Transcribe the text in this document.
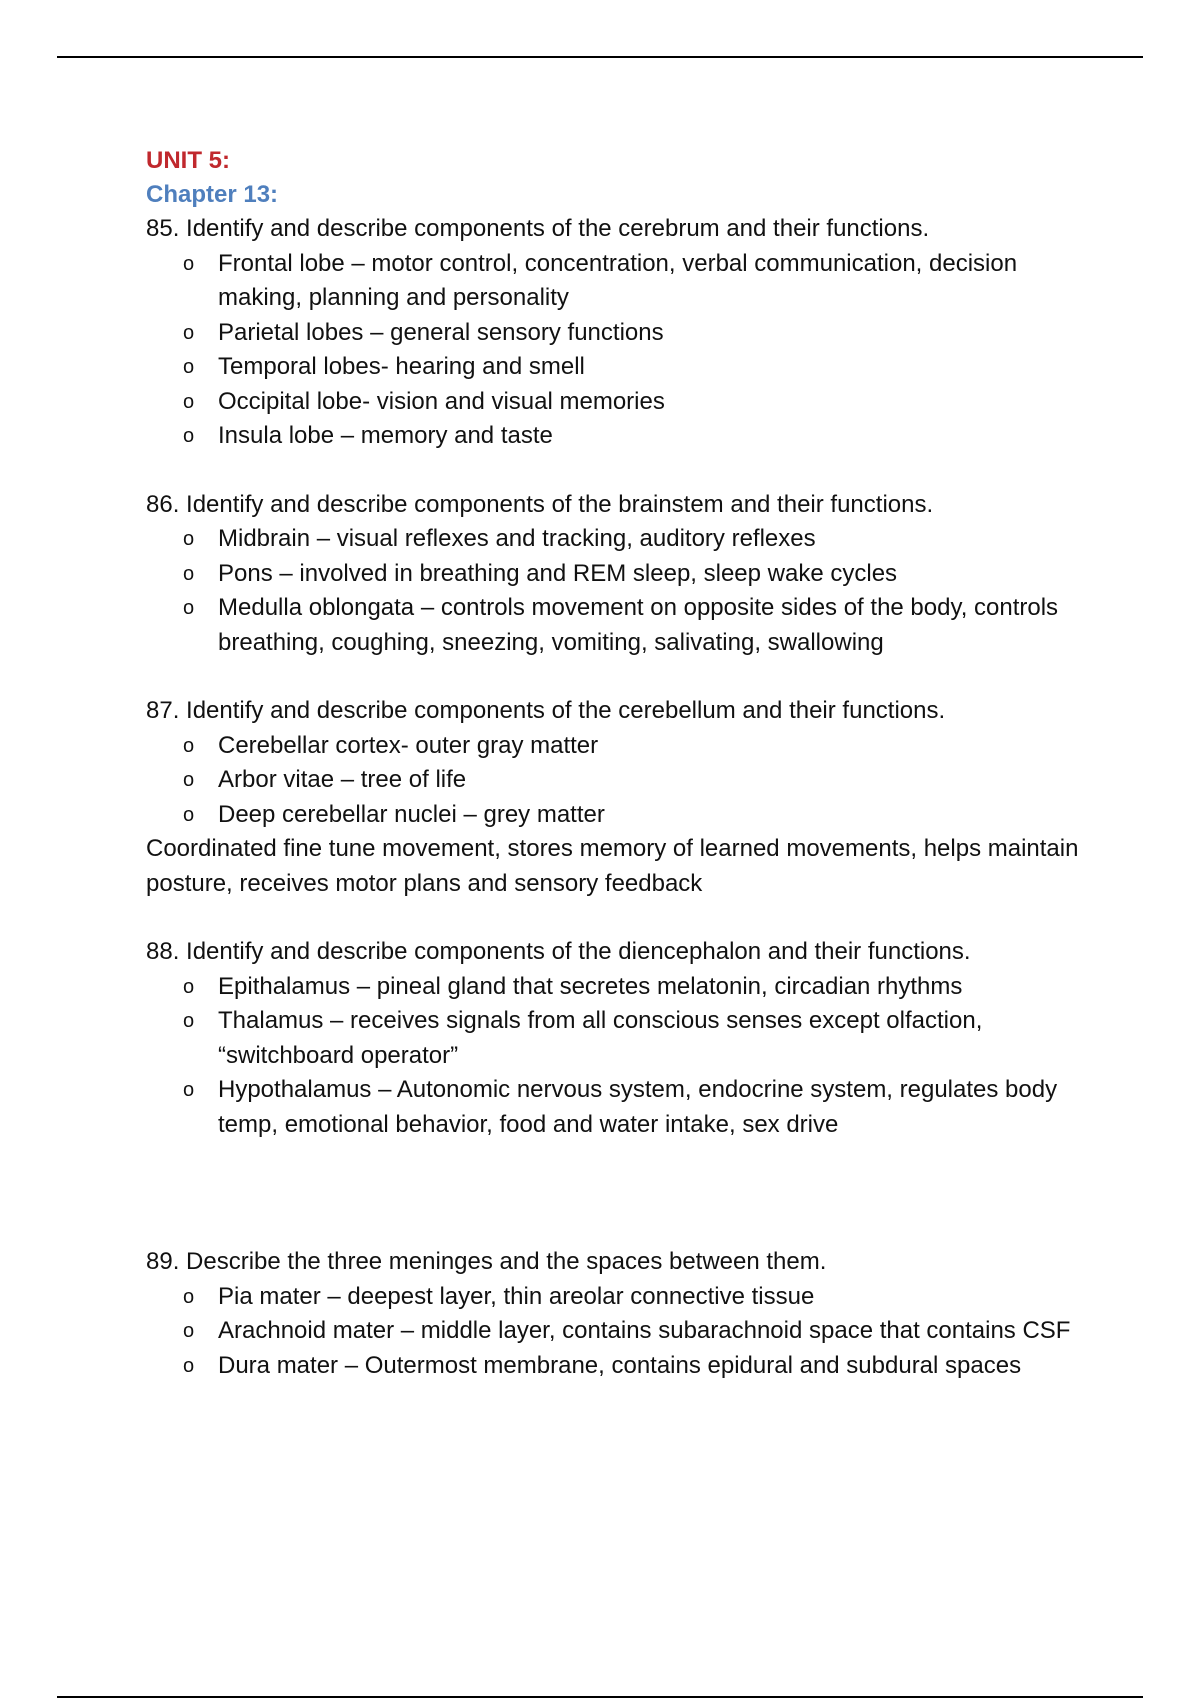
UNIT 5:
Chapter 13:

85. Identify and describe components of the cerebrum and their functions.

o Frontal lobe – motor control, concentration, verbal communication, decision making, planning and personality
o Parietal lobes – general sensory functions
o Temporal lobes- hearing and smell
o Occipital lobe- vision and visual memories
o Insula lobe – memory and taste

86. Identify and describe components of the brainstem and their functions.

o Midbrain – visual reflexes and tracking, auditory reflexes
o Pons – involved in breathing and REM sleep, sleep wake cycles
o Medulla oblongata – controls movement on opposite sides of the body, controls breathing, coughing, sneezing, vomiting, salivating, swallowing

87. Identify and describe components of the cerebellum and their functions.

o Cerebellar cortex- outer gray matter
o Arbor vitae – tree of life
o Deep cerebellar nuclei – grey matter

Coordinated fine tune movement, stores memory of learned movements, helps maintain posture, receives motor plans and sensory feedback

88. Identify and describe components of the diencephalon and their functions.

o Epithalamus – pineal gland that secretes melatonin, circadian rhythms
o Thalamus – receives signals from all conscious senses except olfaction, “switchboard operator”
o Hypothalamus – Autonomic nervous system, endocrine system, regulates body temp, emotional behavior, food and water intake, sex drive

89. Describe the three meninges and the spaces between them.

o Pia mater – deepest layer, thin areolar connective tissue
o Arachnoid mater – middle layer, contains subarachnoid space that contains CSF
o Dura mater – Outermost membrane, contains epidural and subdural spaces
